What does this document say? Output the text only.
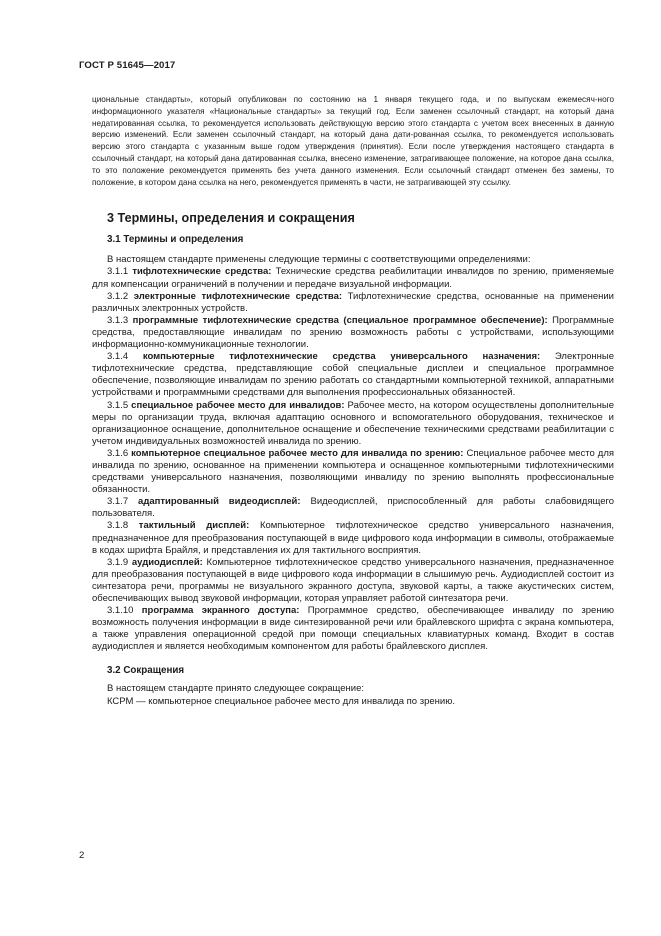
ГОСТ Р 51645—2017

циональные стандарты», который опубликован по состоянию на 1 января текущего года, и по выпускам ежемесяч-ного информационного указателя «Национальные стандарты» за текущий год. Если заменен ссылочный стандарт, на который дана недатированная ссылка, то рекомендуется использовать действующую версию этого стандарта с учетом всех внесенных в данную версию изменений. Если заменен ссылочный стандарт, на который дана дати-рованная ссылка, то рекомендуется использовать версию этого стандарта с указанным выше годом утверждения (принятия). Если после утверждения настоящего стандарта в ссылочный стандарт, на который дана датированная ссылка, внесено изменение, затрагивающее положение, на которое дана ссылка, то это положение рекомендуется применять без учета данного изменения. Если ссылочный стандарт отменен без замены, то положение, в котором дана ссылка на него, рекомендуется применять в части, не затрагивающей эту ссылку.

3 Термины, определения и сокращения

3.1 Термины и определения

В настоящем стандарте применены следующие термины с соответствующими определениями:

3.1.1 тифлотехнические средства: Технические средства реабилитации инвалидов по зрению, применяемые для компенсации ограничений в получении и передаче визуальной информации.

3.1.2 электронные тифлотехнические средства: Тифлотехнические средства, основанные на применении различных электронных устройств.

3.1.3 программные тифлотехнические средства (специальное программное обеспечение): Программные средства, предоставляющие инвалидам по зрению возможность работы с устройствами, использующими информационно-коммуникационные технологии.

3.1.4 компьютерные тифлотехнические средства универсального назначения: Электронные тифлотехнические средства, представляющие собой специальные дисплеи и специальное программное обеспечение, позволяющие инвалидам по зрению работать со стандартными компьютерной техникой, аппаратными устройствами и программными средствами для выполнения профессиональных обязанностей.

3.1.5 специальное рабочее место для инвалидов: Рабочее место, на котором осуществлены дополнительные меры по организации труда, включая адаптацию основного и вспомогательного оборудования, техническое и организационное оснащение, дополнительное оснащение и обеспечение техническими средствами реабилитации с учетом индивидуальных возможностей инвалида по зрению.

3.1.6 компьютерное специальное рабочее место для инвалида по зрению: Специальное рабочее место для инвалида по зрению, основанное на применении компьютера и оснащенное компьютерными тифлотехническими средствами универсального назначения, позволяющими инвалиду по зрению выполнять профессиональные обязанности.

3.1.7 адаптированный видеодисплей: Видеодисплей, приспособленный для работы слабовидящего пользователя.

3.1.8 тактильный дисплей: Компьютерное тифлотехническое средство универсального назначения, предназначенное для преобразования поступающей в виде цифрового кода информации в символы, отображаемые в кодах шрифта Брайля, и представления их для тактильного восприятия.

3.1.9 аудиодисплей: Компьютерное тифлотехническое средство универсального назначения, предназначенное для преобразования поступающей в виде цифрового кода информации в слышимую речь. Аудиодисплей состоит из синтезатора речи, программы не визуального экранного доступа, звуковой карты, а также акустических систем, обеспечивающих вывод звуковой информации, которая управляет работой синтезатора речи.

3.1.10 программа экранного доступа: Программное средство, обеспечивающее инвалиду по зрению возможность получения информации в виде синтезированной речи или брайлевского шрифта с экрана компьютера, а также управления операционной средой при помощи специальных клавиатурных команд. Входит в состав аудиодисплея и является необходимым компонентом для работы брайлевского дисплея.

3.2 Сокращения

В настоящем стандарте принято следующее сокращение:

КСРМ — компьютерное специальное рабочее место для инвалида по зрению.

2
